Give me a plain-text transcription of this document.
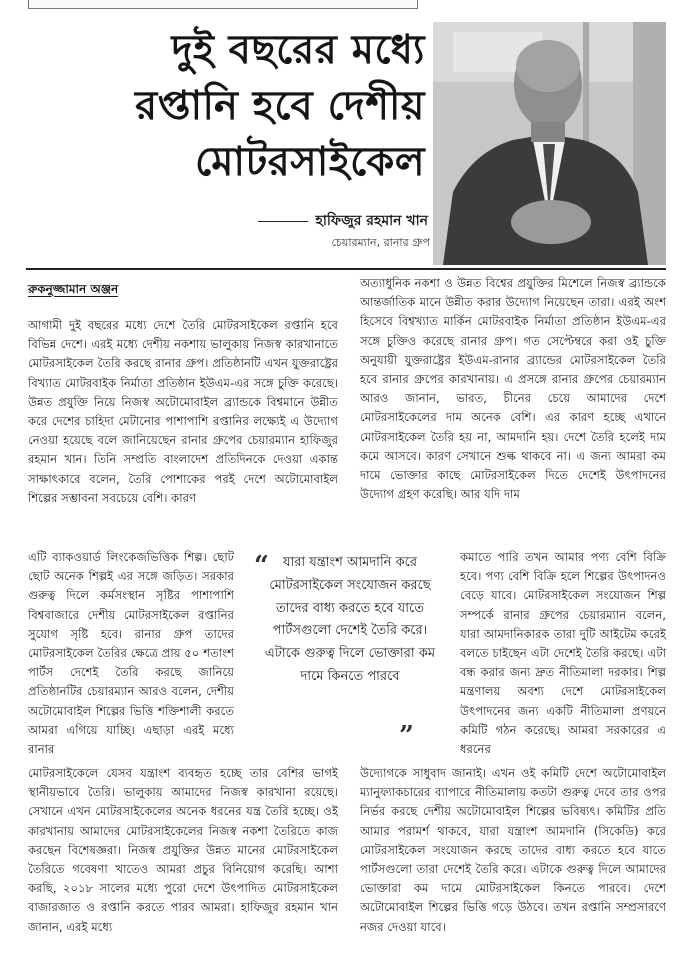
দুই বছরের মধ্যে
রপ্তানি হবে দেশীয়
মোটরসাইকেল
হাফিজুর রহমান খান
চেয়ারম্যান, রানার গ্রুপ
রুকনুজ্জামান অঞ্জন

আগামী দুই বছরের মধ্যে দেশে তৈরি মোটরসাইকেল রপ্তানি হবে বিভিন্ন দেশে। এরই মধ্যে দেশীয় নকশায় ভালুকায় নিজস্ব কারখানাতে মোটরসাইকেল তৈরি করছে রানার গ্রুপ। প্রতিষ্ঠানটি এখন যুক্তরাষ্ট্রের বিখ্যাত মোটরবাইক নির্মাতা প্রতিষ্ঠান ইউএম-এর সঙ্গে চুক্তি করেছে। উন্নত প্রযুক্তি নিয়ে নিজস্ব অটোমোবাইল ব্র্যান্ডকে বিশ্বমানে উন্নীত করে দেশের চাহিদা মেটানোর পাশাপাশি রপ্তানির লক্ষ্যেই এ উদ্যোগ নেওয়া হয়েছে বলে জানিয়েছেন রানার গ্রুপের চেয়ারম্যান হাফিজুর রহমান খান। তিনি সম্প্রতি বাংলাদেশ প্রতিদিনকে দেওয়া একান্ত সাক্ষাৎকারে বলেন, তৈরি পোশাকের পরই দেশে অটোমোবাইল শিল্পের সম্ভাবনা সবচেয়ে বেশি। কারণ

এটি ব্যাকওয়ার্ড লিংকেজভিত্তিক শিল্প। ছোট ছোট অনেক শিল্পই এর সঙ্গে জড়িত। সরকার গুরুত্ব দিলে কর্মসংস্থান সৃষ্টির পাশাপাশি বিশ্ববাজারে দেশীয় মোটরসাইকেল রপ্তানির সুযোগ সৃষ্টি হবে। রানার গ্রুপ তাদের মোটরসাইকেল তৈরির ক্ষেত্রে প্রায় ৫০ শতাংশ পার্টস দেশেই তৈরি করছে জানিয়ে প্রতিষ্ঠানটির চেয়ারম্যান আরও বলেন, দেশীয় অটোমোবাইল শিল্পের ভিত্তি শক্তিশালী করতে আমরা এগিয়ে যাচ্ছি। এছাড়া এরই মধ্যে রানার

মোটরসাইকেলে যেসব যন্ত্রাংশ ব্যবহৃত হচ্ছে তার বেশির ভাগই স্থানীয়ভাবে তৈরি। ভালুকায় আমাদের নিজস্ব কারখানা রয়েছে। সেখানে এখন মোটরসাইকেলের অনেক ধরনের যন্ত্র তৈরি হচ্ছে। ওই কারখানায় আমাদের মোটরসাইকেলের নিজস্ব নকশা তৈরিতে কাজ করছেন বিশেষজ্ঞরা। নিজস্ব প্রযুক্তির উন্নত মানের মোটরসাইকেল তৈরিতে গবেষণা খাতেও আমরা প্রচুর বিনিয়োগ করেছি। আশা করছি, ২০১৮ সালের মধ্যে পুরো দেশে উৎপাদিত মোটরসাইকেল বাজারজাত ও রপ্তানি করতে পারব আমরা। হাফিজুর রহমান খান জানান, এরই মধ্যে

অত্যাধুনিক নকশা ও উন্নত বিশ্বের প্রযুক্তির মিশেলে নিজস্ব ব্র্যান্ডকে আন্তর্জাতিক মানে উন্নীত করার উদ্যোগ নিয়েছেন তারা। এরই অংশ হিসেবে বিশ্বখ্যাত মার্কিন মোটরবাইক নির্মাতা প্রতিষ্ঠান ইউএম-এর সঙ্গে চুক্তিও করেছে রানার গ্রুপ। গত সেপ্টেম্বরে করা ওই চুক্তি অনুযায়ী যুক্তরাষ্ট্রের ইউএম-রানার ব্র্যান্ডের মোটরসাইকেল তৈরি হবে রানার গ্রুপের কারখানায়। এ প্রসঙ্গে রানার গ্রুপের চেয়ারম্যান আরও জানান, ভারত, চীনের চেয়ে আমাদের দেশে মোটরসাইকেলের দাম অনেক বেশি। এর কারণ হচ্ছে এখানে মোটরসাইকেল তৈরি হয় না, আমদানি হয়। দেশে তৈরি হলেই দাম কমে আসবে। কারণ সেখানে শুল্ক থাকবে না। এ জন্য আমরা কম দামে ভোক্তার কাছে মোটরসাইকেল দিতে দেশেই উৎপাদনের উদ্যোগ গ্রহণ করেছি। আর যদি দাম

কমাতে পারি তখন আমার পণ্য বেশি বিক্রি হবে। পণ্য বেশি বিক্রি হলে শিল্পের উৎপাদনও বেড়ে যাবে। মোটরসাইকেল সংযোজন শিল্প সম্পর্কে রানার গ্রুপের চেয়ারম্যান বলেন, যারা আমদানিকারক তারা দুটি আইটেম করেই বলতে চাইছেন এটা দেশেই তৈরি করছে। এটা বন্ধ করার জন্য দ্রুত নীতিমালা দরকার। শিল্প মন্ত্রণালয় অবশ্য দেশে মোটরসাইকেল উৎপাদনের জন্য একটি নীতিমালা প্রণয়নে কমিটি গঠন করেছে। আমরা সরকারের এ ধরনের

উদ্যোগকে সাধুবাদ জানাই। এখন ওই কমিটি দেশে অটোমোবাইল ম্যানুফ্যাকচারের ব্যাপারে নীতিমালায় কতটা গুরুত্ব দেবে তার ওপর নির্ভর করছে দেশীয় অটোমোবাইল শিল্পের ভবিষ্যৎ। কমিটির প্রতি আমার পরামর্শ থাকবে, যারা যন্ত্রাংশ আমদানি (সিকেডি) করে মোটরসাইকেল সংযোজন করছে তাদের বাধ্য করতে হবে যাতে পার্টসগুলো তারা দেশেই তৈরি করে। এটাকে গুরুত্ব দিলে আমাদের ভোক্তারা কম দামে মোটরসাইকেল কিনতে পারবে। দেশে অটোমোবাইল শিল্পের ভিত্তি গড়ে উঠবে। তখন রপ্তানি সম্প্রসারণে নজর দেওয়া যাবে।

“	যারা যন্ত্রাংশ আমদানি করে মোটরসাইকেল সংযোজন করছে তাদের বাধ্য করতে হবে যাতে পার্টসগুলো দেশেই তৈরি করে। এটাকে গুরুত্ব দিলে ভোক্তারা কম দামে কিনতে পারবে
”
